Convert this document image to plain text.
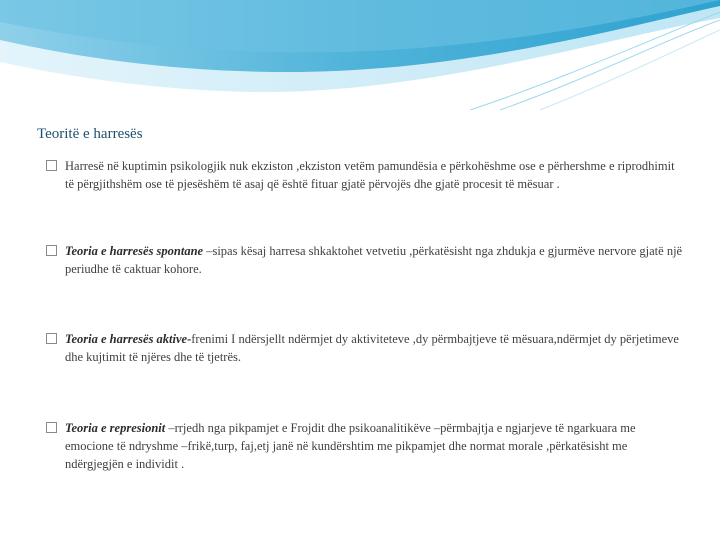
Teoritë e harresës
Harresë në kuptimin psikologjik nuk ekziston ,ekziston vetëm pamundësia e përkohëshme ose e përhershme e riprodhimit të përgjithshëm ose të pjesëshëm të asaj që është fituar gjatë përvojës dhe gjatë procesit të mësuar .
Teoria e harresës spontane –sipas kësaj harresa shkaktohet vetvetiu ,përkatësisht nga zhdukja e gjurmëve nervore gjatë një periudhe të caktuar kohore.
Teoria e harresës aktive-frenimi I ndërsjellt ndërmjet dy aktiviteteve ,dy përmbajtjeve të mësuara,ndërmjet dy përjetimeve dhe kujtimit të njëres dhe të tjetrës.
Teoria e represionit –rrjedh nga pikpamjet e Frojdit dhe psikoanalitikëve –përmbajtja e ngjarjeve të ngarkuara me emocione të ndryshme –frikë,turp, faj,etj janë në kundërshtim me pikpamjet dhe normat morale ,përkatësisht me ndërgjegjën e individit .
